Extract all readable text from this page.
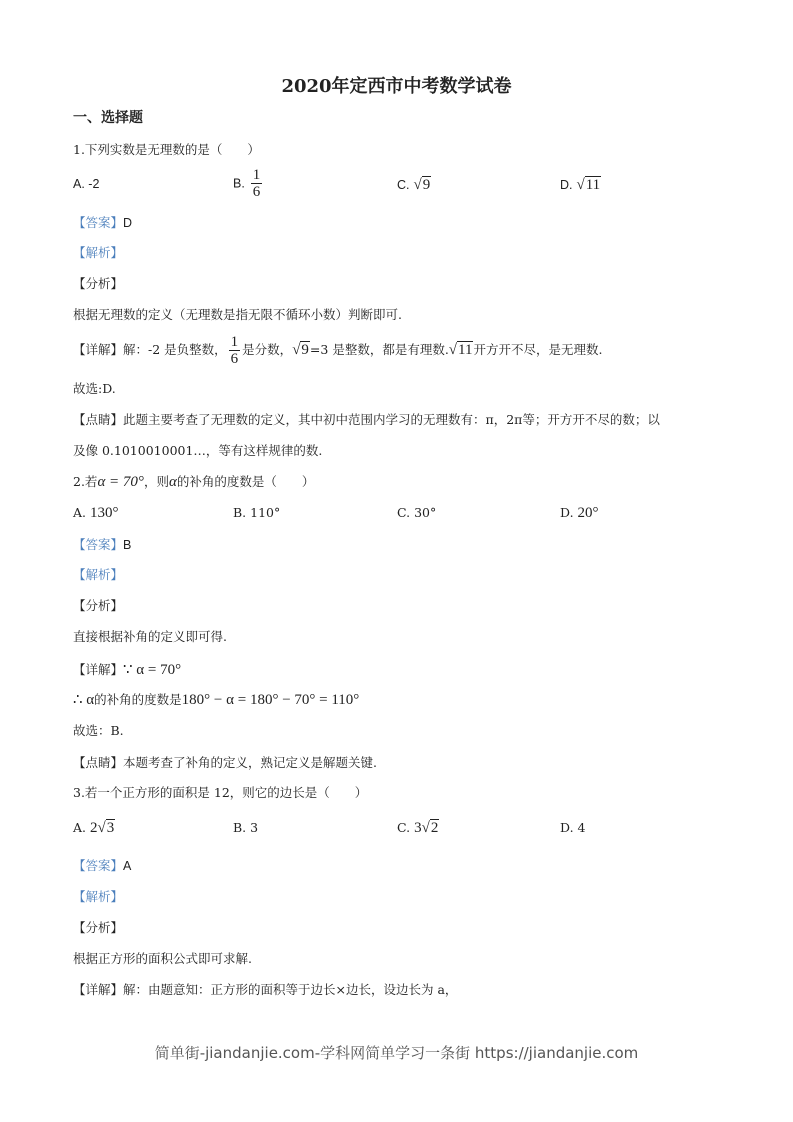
2020年定西市中考数学试卷
一、选择题
1.下列实数是无理数的是（　　）
A. -2	B. $\frac{1}{6}$	C. √9	D. √11
【答案】D
【解析】
【分析】
根据无理数的定义（无理数是指无限不循环小数）判断即可.
【详解】解：-2 是负整数， $\frac{1}{6}$ 是分数，√9=3 是整数，都是有理数.√11开方开不尽，是无理数.
故选:D.
【点睛】此题主要考查了无理数的定义，其中初中范围内学习的无理数有：π，2π等；开方开不尽的数；以
及像 0.1010010001…，等有这样规律的数.
2.若α = 70°，则α的补角的度数是（　　）
A. 130°	B. 110°	C. 30°	D. 20°
【答案】B
【解析】
【分析】
直接根据补角的定义即可得.
【详解】∵ α = 70°
∴ α的补角的度数是180° − α = 180° − 70° = 110°
故选：B.
【点睛】本题考查了补角的定义，熟记定义是解题关键.
3.若一个正方形的面积是 12，则它的边长是（　　）
A. 2√3	B. 3	C. 3√2	D. 4
【答案】A
【解析】
【分析】
根据正方形的面积公式即可求解.
【详解】解：由题意知：正方形的面积等于边长×边长，设边长为 a，
简单街-jiandanjie.com-学科网简单学习一条街 https://jiandanjie.com
